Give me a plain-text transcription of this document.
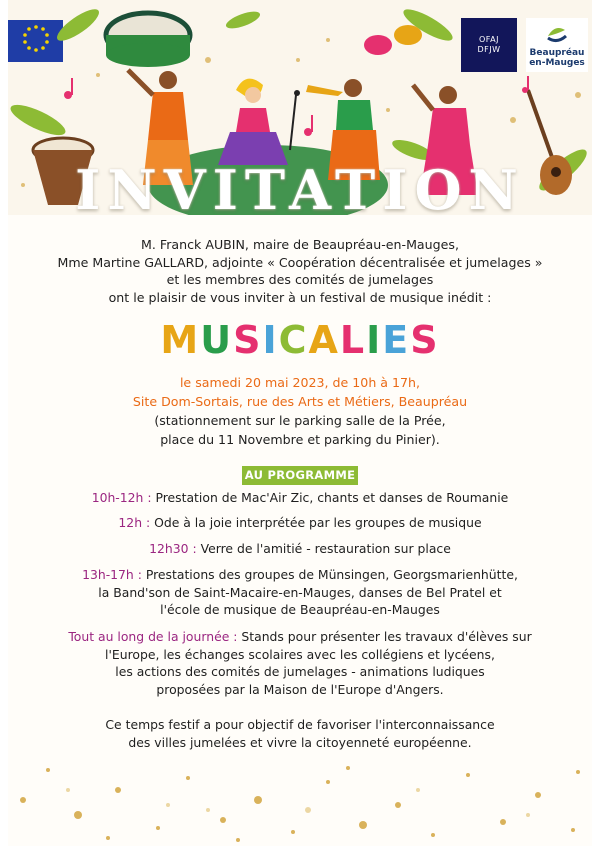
OFAJ
DFJW	Beaupréau
en-Mauges
INVITATION
M. Franck AUBIN, maire de Beaupréau-en-Mauges,
Mme Martine GALLARD, adjointe « Coopération décentralisée et jumelages »
et les membres des comités de jumelages
ont le plaisir de vous inviter à un festival de musique inédit :
MUSICALIES
le samedi 20 mai 2023, de 10h à 17h,
Site Dom-Sortais, rue des Arts et Métiers, Beaupréau
(stationnement sur le parking salle de la Prée,
place du 11 Novembre et parking du Pinier).
AU PROGRAMME
10h-12h : Prestation de Mac'Air Zic, chants et danses de Roumanie
12h : Ode à la joie interprétée par les groupes de musique
12h30 : Verre de l'amitié - restauration sur place
13h-17h : Prestations des groupes de Münsingen, Georgsmarienhütte,
la Band'son de Saint-Macaire-en-Mauges, danses de Bel Pratel et
l'école de musique de Beaupréau-en-Mauges
Tout au long de la journée : Stands pour présenter les travaux d'élèves sur
l'Europe, les échanges scolaires avec les collégiens et lycéens,
les actions des comités de jumelages - animations ludiques
proposées par la Maison de l'Europe d'Angers.
Ce temps festif a pour objectif de favoriser l'interconnaissance
des villes jumelées et vivre la citoyenneté européenne.
